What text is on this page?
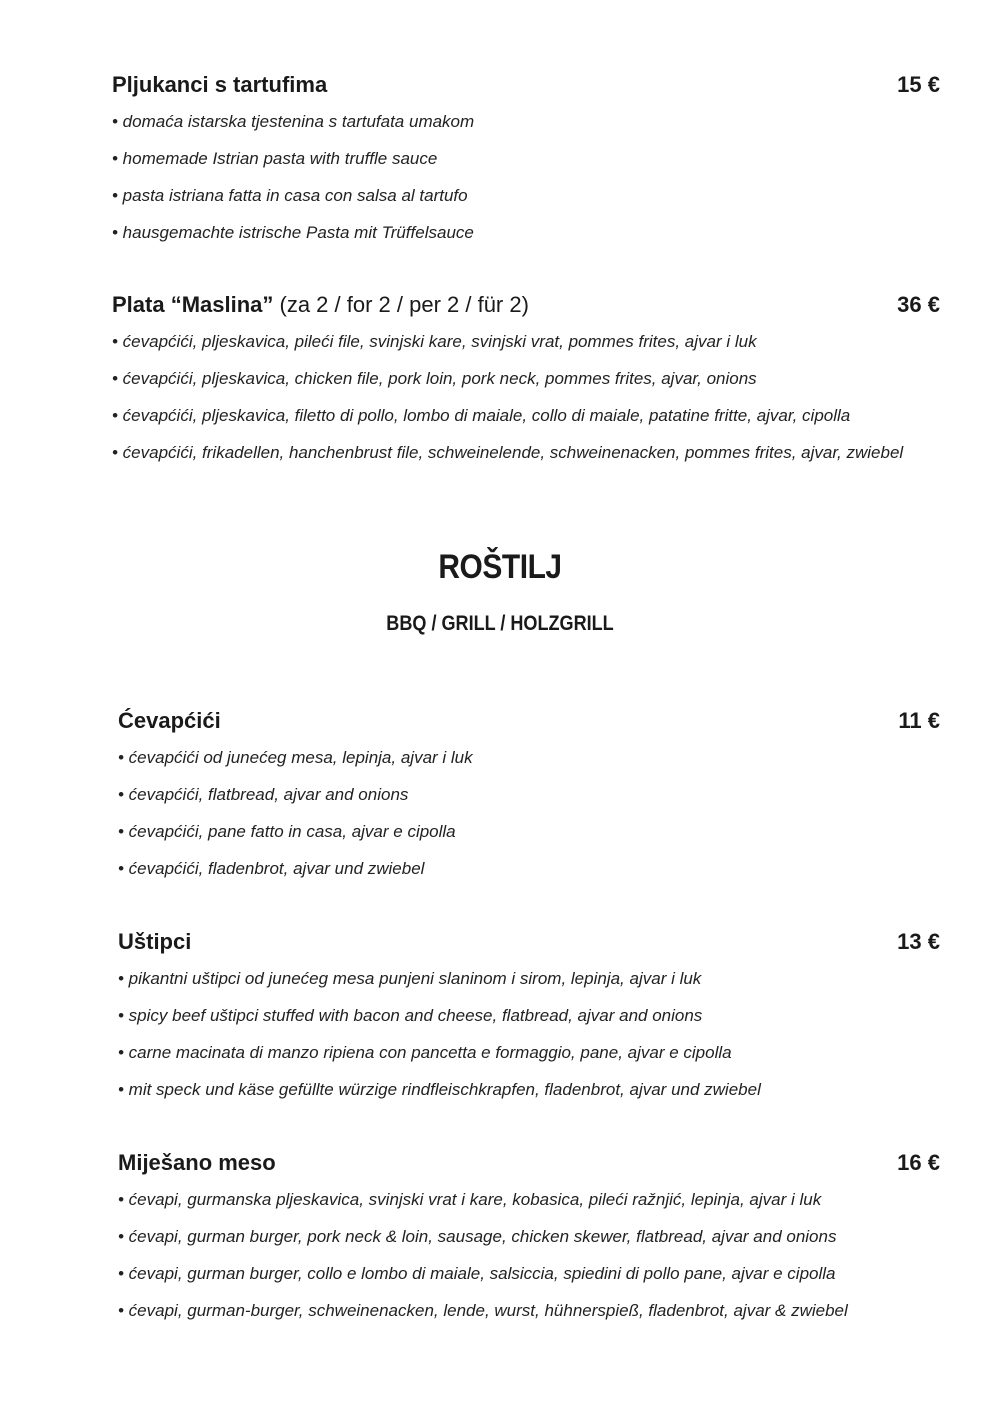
Pljukanci s tartufima	15 €
• domaća istarska tjestenina s tartufata umakom
• homemade Istrian pasta with truffle sauce
• pasta istriana fatta in casa con salsa al tartufo
• hausgemachte istrische Pasta mit Trüffelsauce
Plata “Maslina” (za 2 / for 2 / per 2 / für 2)	36 €
• ćevapćići, pljeskavica, pileći file, svinjski kare, svinjski vrat, pommes frites, ajvar i luk
• ćevapćići, pljeskavica, chicken file, pork loin, pork neck, pommes frites, ajvar, onions
• ćevapćići, pljeskavica, filetto di pollo, lombo di maiale, collo di maiale, patatine fritte, ajvar, cipolla
• ćevapćići, frikadellen, hanchenbrust file, schweinelende, schweinenacken, pommes frites, ajvar, zwiebel
ROŠTILJ
BBQ / GRILL / HOLZGRILL
Ćevapćići	11 €
• ćevapćići od junećeg mesa, lepinja, ajvar i luk
• ćevapćići, flatbread, ajvar and onions
• ćevapćići, pane fatto in casa, ajvar e cipolla
• ćevapćići, fladenbrot, ajvar und zwiebel
Uštipci	13 €
• pikantni uštipci od junećeg mesa punjeni slaninom i sirom, lepinja, ajvar i luk
• spicy beef uštipci stuffed with bacon and cheese, flatbread, ajvar and onions
• carne macinata di manzo ripiena con pancetta e formaggio, pane, ajvar e cipolla
• mit speck und käse gefüllte würzige rindfleischkrapfen, fladenbrot, ajvar und zwiebel
Miješano meso	16 €
• ćevapi, gurmanska pljeskavica, svinjski vrat i kare, kobasica, pileći ražnjić, lepinja, ajvar i luk
• ćevapi, gurman burger, pork neck & loin, sausage, chicken skewer, flatbread, ajvar and onions
• ćevapi, gurman burger, collo e lombo di maiale, salsiccia, spiedini di pollo pane, ajvar e cipolla
• ćevapi, gurman-burger, schweinenacken, lende, wurst, hühnerspieß, fladenbrot, ajvar & zwiebel
